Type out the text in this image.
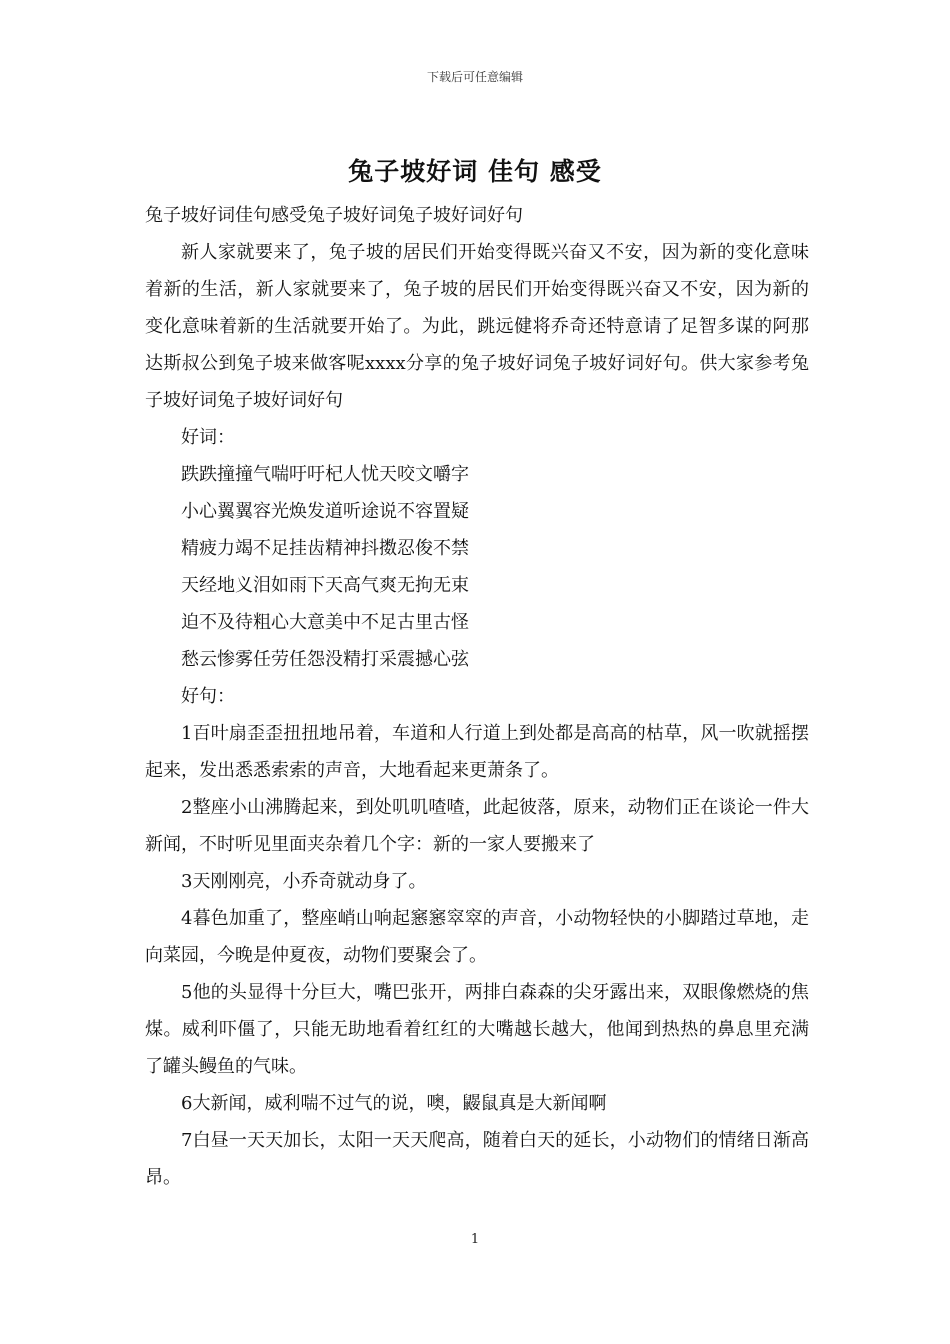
下载后可任意编辑
兔子坡好词 佳句 感受

兔子坡好词佳句感受兔子坡好词兔子坡好词好句

新人家就要来了，兔子坡的居民们开始变得既兴奋又不安，因为新的变化意味着新的生活，新人家就要来了，兔子坡的居民们开始变得既兴奋又不安，因为新的变化意味着新的生活就要开始了。为此，跳远健将乔奇还特意请了足智多谋的阿那达斯叔公到兔子坡来做客呢xxxx分享的兔子坡好词兔子坡好词好句。供大家参考兔子坡好词兔子坡好词好句

好词：

跌跌撞撞气喘吁吁杞人忧天咬文嚼字

小心翼翼容光焕发道听途说不容置疑

精疲力竭不足挂齿精神抖擞忍俊不禁

天经地义泪如雨下天高气爽无拘无束

迫不及待粗心大意美中不足古里古怪

愁云惨雾任劳任怨没精打采震撼心弦

好句：

1百叶扇歪歪扭扭地吊着，车道和人行道上到处都是高高的枯草，风一吹就摇摆起来，发出悉悉索索的声音，大地看起来更萧条了。

2整座小山沸腾起来，到处叽叽喳喳，此起彼落，原来，动物们正在谈论一件大新闻，不时听见里面夹杂着几个字：新的一家人要搬来了

3天刚刚亮，小乔奇就动身了。

4暮色加重了，整座峭山响起窸窸窣窣的声音，小动物轻快的小脚踏过草地，走向菜园，今晚是仲夏夜，动物们要聚会了。

5他的头显得十分巨大，嘴巴张开，两排白森森的尖牙露出来，双眼像燃烧的焦煤。威利吓僵了，只能无助地看着红红的大嘴越长越大，他闻到热热的鼻息里充满了罐头鳗鱼的气味。

6大新闻，威利喘不过气的说，噢，鼹鼠真是大新闻啊

7白昼一天天加长，太阳一天天爬高，随着白天的延长，小动物们的情绪日渐高昂。

1
